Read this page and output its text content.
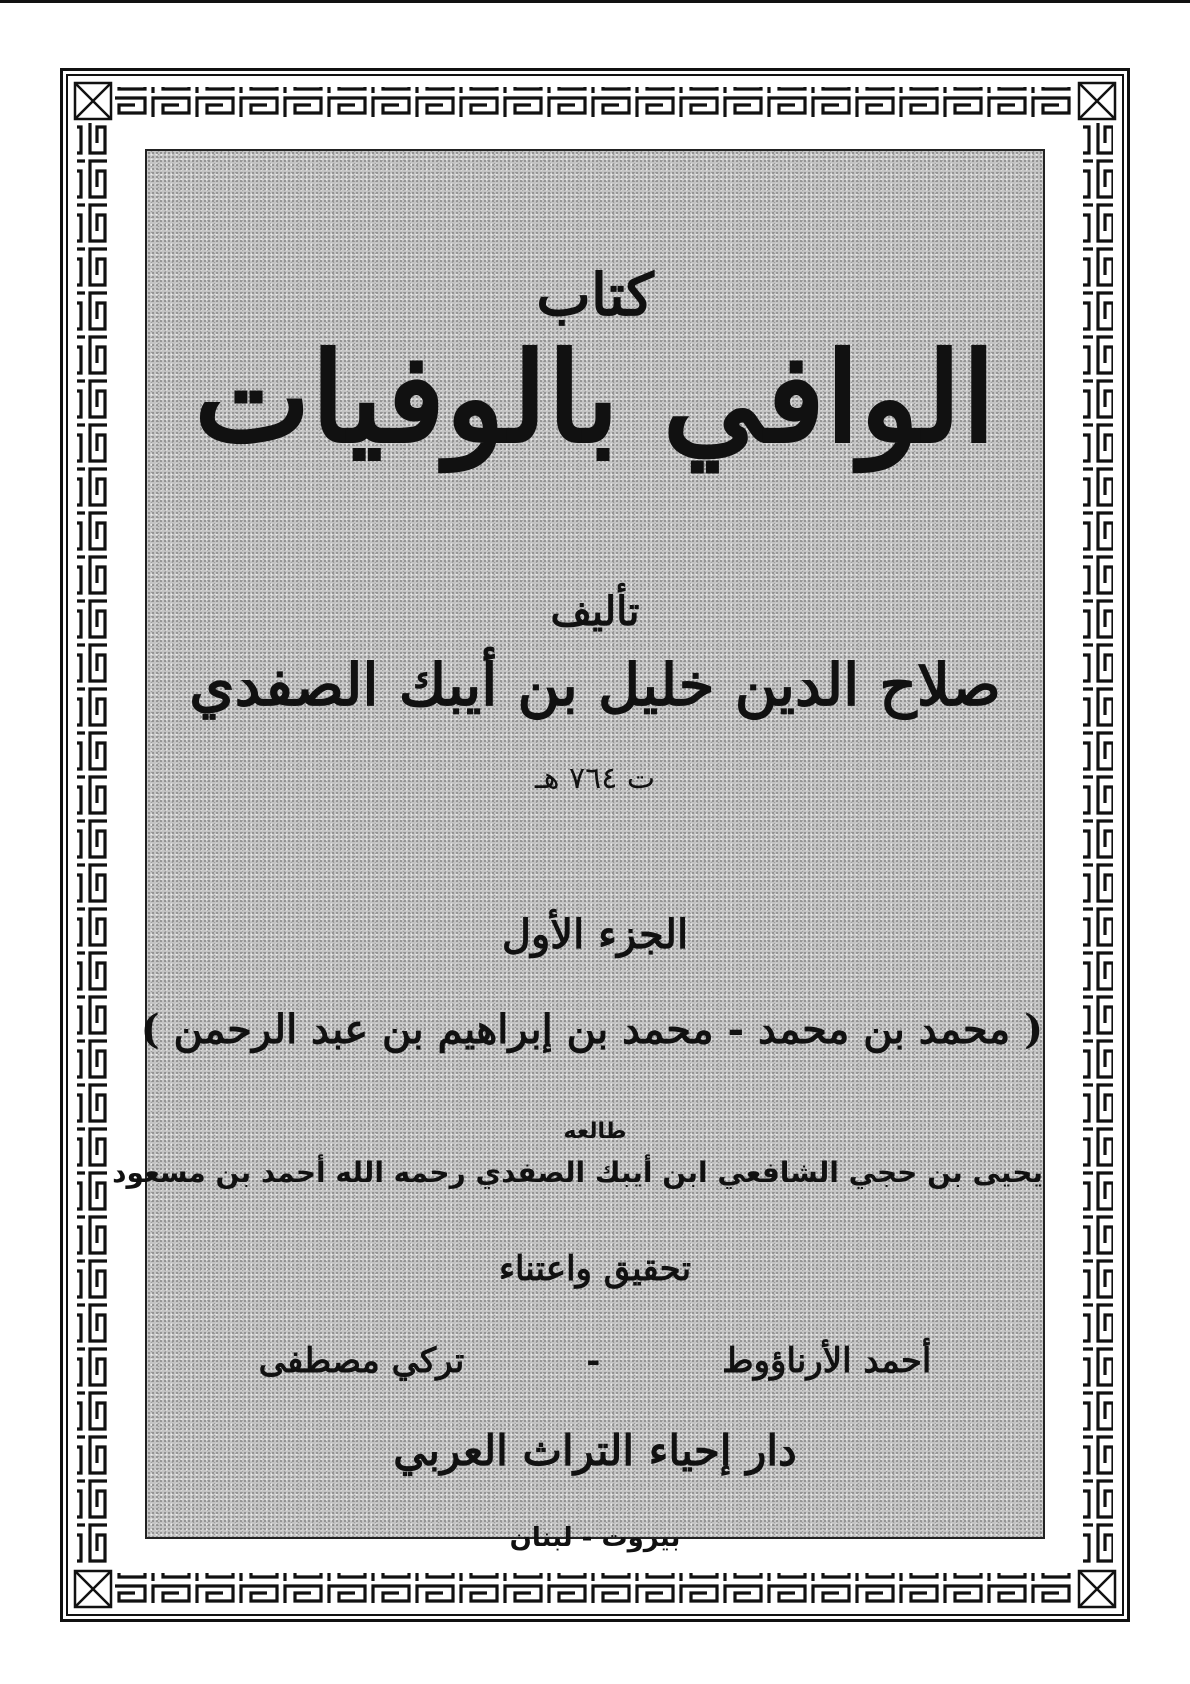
كتاب
الوافي بالوفيات
تأليف
صلاح الدين خليل بن أيبك الصفدي
ت ٧٦٤ هـ
الجزء الأول
( محمد بن محمد - محمد بن إبراهيم بن عبد الرحمن )
طالعه
يحيى بن حجي الشافعي ابن أيبك الصفدي رحمه الله أحمد بن مسعود
تحقيق واعتناء
أحمد الأرناؤوط - تركي مصطفى
دار إحياء التراث العربي
بيروت - لبنان
